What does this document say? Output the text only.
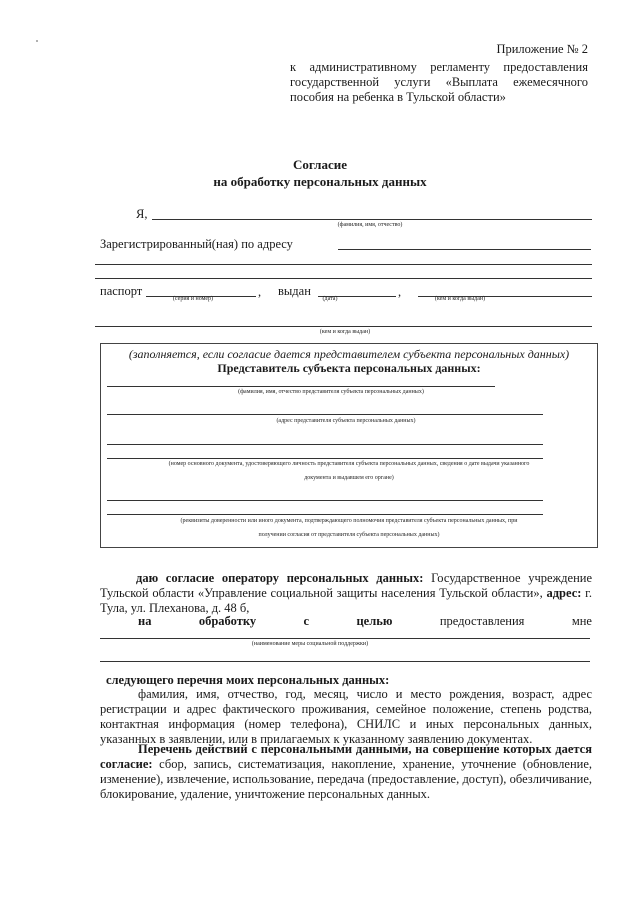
Приложение № 2
к административному регламенту предоставления государственной услуги «Выплата ежемесячного пособия на ребенка в Тульской области»
Согласие
на обработку персональных данных
Я,
(фамилия, имя, отчество)
Зарегистрированный(ная) по адресу
паспорт	,
(серия и номер)
выдан	,
(дата)	(кем и когда выдан)
(кем и когда выдан)
(заполняется, если согласие дается представителем субъекта персональных данных)
Представитель субъекта персональных данных:
(фамилия, имя, отчество представителя субъекта персональных данных)
(адрес представителя субъекта персональных данных)
(номер основного документа, удостоверяющего личность представителя субъекта персональных данных, сведения о дате выдачи указанного
документа и выдавшем его органе)
(реквизиты доверенности или иного документа, подтверждающего полномочия представителя субъекта персональных данных, при
получении согласия от представителя субъекта персональных данных)
даю согласие оператору персональных данных: Государственное учреждение Тульской области «Управление социальной защиты населения Тульской области», адрес: г. Тула, ул. Плеханова, д. 48 б,
на	обработку	с	целью	предоставления	мне
(наименование меры социальной поддержки)
следующего перечня моих персональных данных:
фамилия, имя, отчество, год, месяц, число и место рождения, возраст, адрес регистрации и адрес фактического проживания, семейное положение, степень родства, контактная информация (номер телефона), СНИЛС и иных персональных данных, указанных в заявлении, или в прилагаемых к указанному заявлению документах.
Перечень действий с персональными данными, на совершение которых дается согласие: сбор, запись, систематизация, накопление, хранение, уточнение (обновление, изменение), извлечение, использование, передача (предоставление, доступ), обезличивание, блокирование, удаление, уничтожение персональных данных.
